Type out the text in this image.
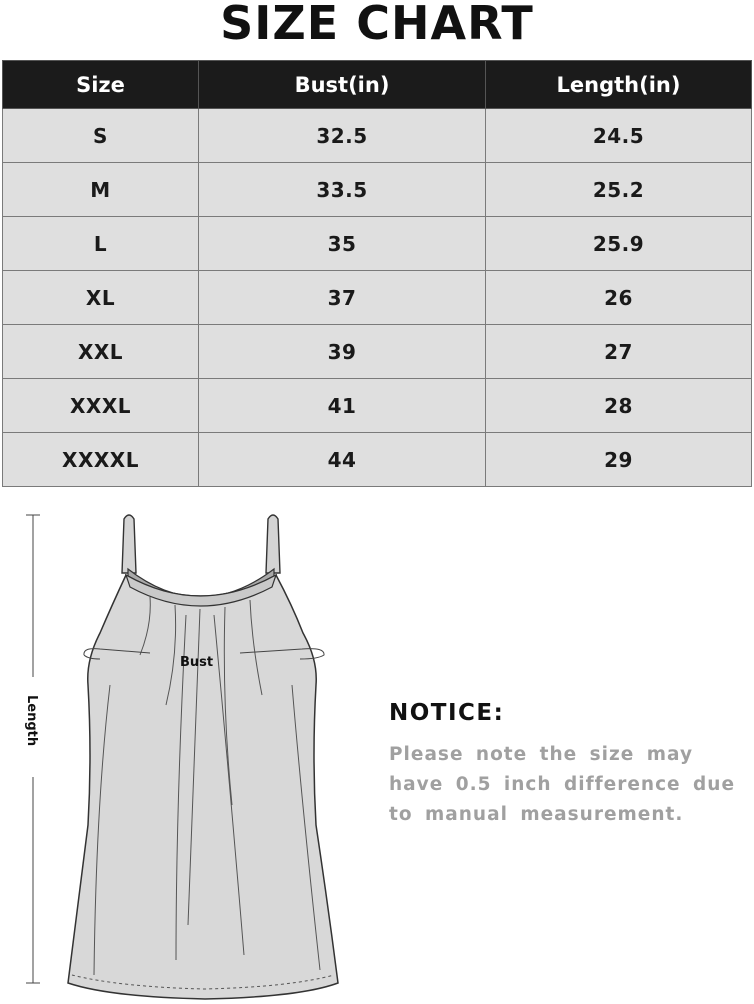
SIZE CHART
Size	Bust(in)	Length(in)
S	32.5	24.5
M	33.5	25.2
L	35	25.9
XL	37	26
XXL	39	27
XXXL	41	28
XXXXL	44	29
Length
Bust
NOTICE:
Please note the size may have 0.5 inch difference due to manual measurement.
